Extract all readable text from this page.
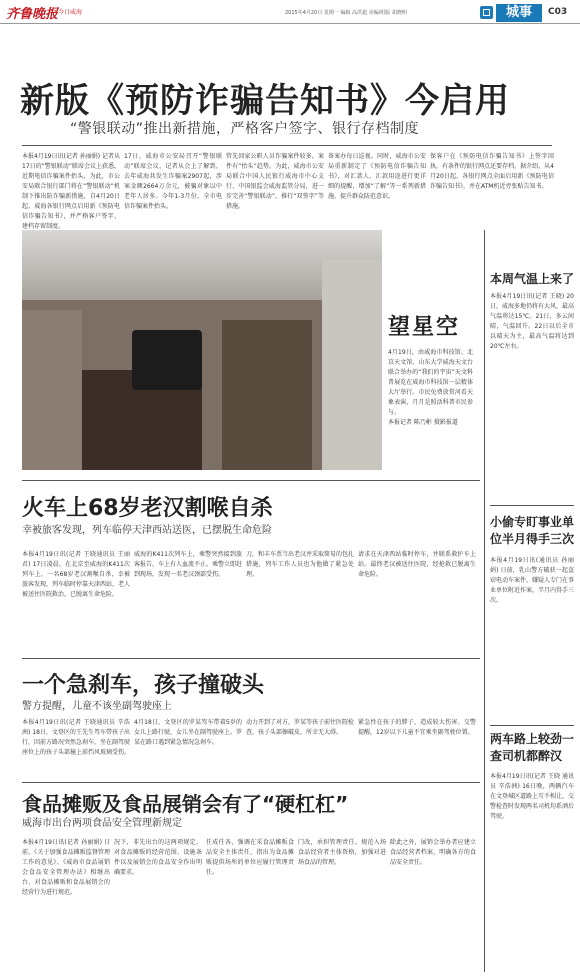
齐鲁晚报 今日威海	2015年4月20日 星期一 编辑 高洪超 美编/组版 胡晓明	城事	C03
新版《预防诈骗告知书》今启用
“警银联动”推出新措施，严格客户签字、银行存档制度
本报4月19日讯(记者 孙丽娟) 记者从17日的“警银联动”联席会议上获悉，近期电信诈骗案件抬头，为此，市公安局联合银行部门将在“警银联动”机制下推出防诈骗新措施，自4月20日起，威海各银行网点启用新《预防电信诈骗告知书》，并严格客户签字、建档存留制度。
17日，威海市公安局召开“警银联动”联席会议，记者从会上了解到，去年威海共发生诈骗案2907起，涉案金额2664万余元，被骗对象以中老年人居多。今年1-3月份，全市电信诈骗案件抬头。
管先回家公职人员诈骗案件较多。案件有“抬头”趋势。为此，威海市公安局联合中国人民银行威海市中心支行、中国银监会威海监管分局，进一步完善“警银联动”，推行“双签字”等措施。
备案办每日巡视。同时，威海市公安局重新制定了《预防电信诈骗告知书》，对汇款人、汇款用途进行更详细的提醒，增加“了解”等一系列新措施，提升群众防范意识。
保客户在《预防电信诈骗告知书》上签字回执，有条件的银行网点还要存档。据介绍，从4月20日起，各银行网点全面启用新《预防电信诈骗告知书》，并在ATM机近旁张贴告知书。
望星空
4月19日，由威海市科技馆、北京天文馆、山东大学威海天文台联合举办的“我们的宇宙”天文科普展览在威海市科技馆一层精体大厅举行。市民免费放赏河看天象表演，月月是照活科普市民参与。
本报记者 陈乃彬 摄影报道
火车上68岁老汉割喉自杀
幸被旅客发现，列车临停天津西站送医，已摆脱生命危险
本报4月19日讯(记者 王晓通讯员 王丽君) 17日凌晨，在北京至威海的K411次列车上，一名68岁老汉割喉自杀，幸被旅客发现，列车临时停靠天津西站，老人被送往医院救治，已脱离生命危险。
威海的K411次列车上，乘警突然接到旅客报告，车上有人血流不止。乘警立即赶到现场，发现一名老汉颈部受伤。
刀，和丰车票当出老汉并采取简易的包扎措施，列车工作人员也为他做了紧急处理。
请求在天津西站临时停车，并联系救护车上站。最终老汉被送往医院，经抢救已脱离生命危险。
一个急刹车，孩子撞破头
警方提醒，儿童不该坐副驾驶座上
本报4月19日讯(记者 王晓通讯员 辛浩洲) 18日，文登区的王先生驾车带孩子出行，因前方路况突然急刹车，坐在副驾驶座位上的孩子头部撞上前挡风玻璃受伤。
4月18日，文登区的罗某驾车带着5岁的女儿上路行驶，女儿坐在副驾驶座上。罗某在路口遇到紧急情况急刹车。
动力开到了对方，罗某等孩子前往医院检查，孩子头部擦破皮，所幸无大碍。
紧急性在孩子的脖子，造成较大伤害。交警提醒，12岁以下儿童不宜乘坐副驾驶位置。
食品摊贩及食品展销会有了“硬杠杠”
威海市出台两项食品安全管理新规定
本报4月19日讯(记者 孙丽娟) 日前，《关于加强食品摊贩监督管理工作的意见》、《威海市食品展销会食品安全管理办法》相继出台，对食品摊贩和食品展销会的经营行为进行规范。
况下，非先出台的这两项规定，对食品摊贩的经营范围、设施条件以及展销会的食品安全作出明确要求。
任成任各，强调在采食品摊贩食品安全主体责任，指出为食品摊贩提供场所的单位应履行管理责任。
门改，承担管理责任。规范入场食品经营者主体资格，加强对进场食品的管理。
除此之外，展销会举办者应建立食品经营者档案，明确各方的食品安全责任。
本周气温上来了
本报4月19日讯(记者 王晓) 20日，威海多地仍将有大风，最高气温将达15℃。21日，多云间晴，气温回升。22日以后全市以晴天为主，最高气温将达到20℃左右。
小偷专盯事业单位半月得手三次
本报4月19日讯(通讯员 孙丽娟) 日前，乳山警方破获一起盗窃电动车案件，嫌疑人专门在事业单位附近作案，半月内得手三次。
两车路上较劲一查司机都醉汉
本报4月19日讯(记者 王晓 通讯员 辛浩洲) 16日晚，两辆汽车在文登城区道路上互不相让，交警检查时发现两名司机均系酒后驾驶。
